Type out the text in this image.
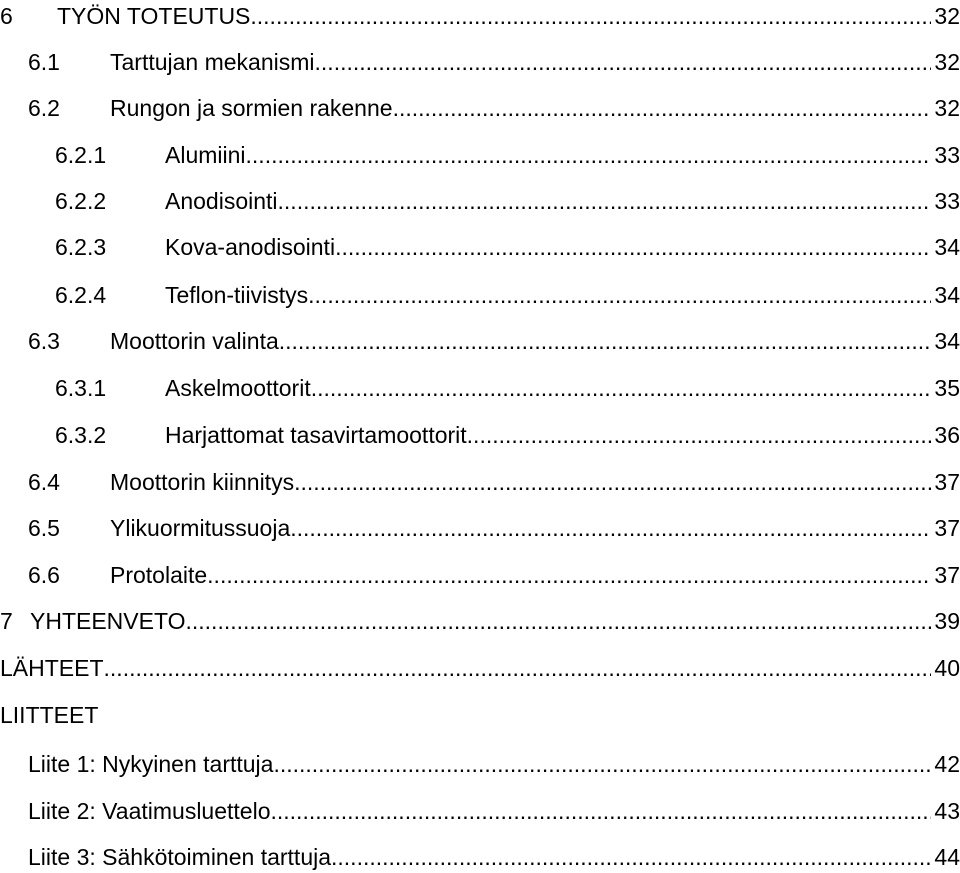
6 TYÖN TOTEUTUS .....	32
6.1 Tarttujan mekanismi .....	32
6.2 Rungon ja sormien rakenne .....	32
6.2.1	Alumiini .....	33
6.2.2	Anodisointi .....	33
6.2.3	Kova-anodisointi .....	34
6.2.4	Teflon-tiivistys .....	34
6.3 Moottorin valinta .....	34
6.3.1	Askelmoottorit .....	35
6.3.2	Harjattomat tasavirtamoottorit .....	36
6.4 Moottorin kiinnitys .....	37
6.5 Ylikuormitussuoja .....	37
6.6 Protolaite .....	37
7 YHTEENVETO .....	39
LÄHTEET .....	40
LIITTEET
Liite 1: Nykyinen tarttuja .....	42
Liite 2: Vaatimusluettelo .....	43
Liite 3: Sähkötoiminen tarttuja .....	44
